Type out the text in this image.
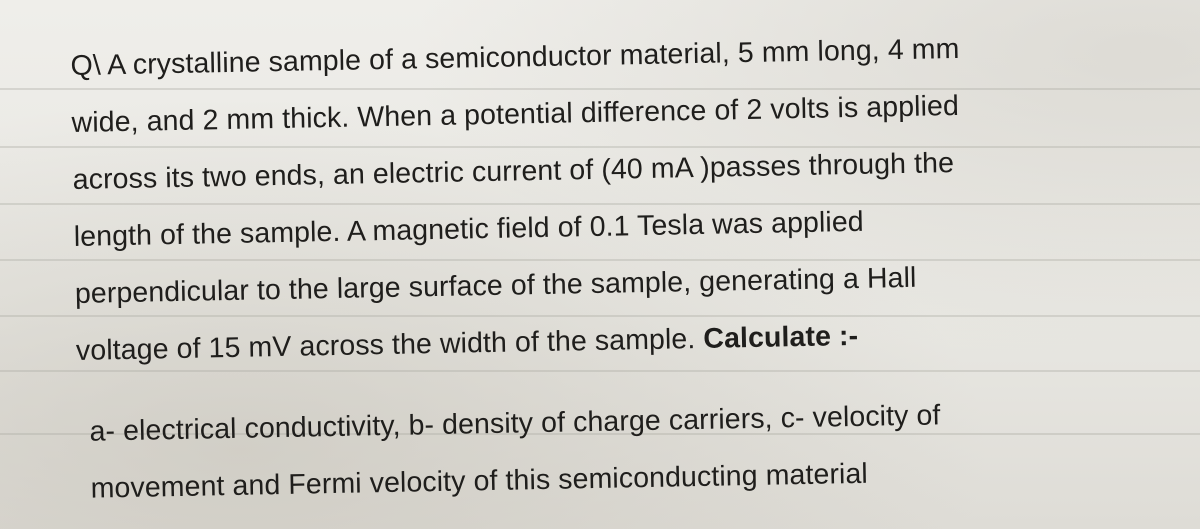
Q\ A crystalline sample of a semiconductor material, 5 mm long, 4 mm

wide, and 2 mm thick. When a potential difference of 2 volts is applied

across its two ends, an electric current of (40 mA )passes through the

length of the sample. A magnetic field of 0.1 Tesla was applied

perpendicular to the large surface of the sample, generating a Hall

voltage of 15 mV across the width of the sample. Calculate :-

a- electrical conductivity, b- density of charge carriers, c- velocity of

movement and Fermi velocity of this semiconducting material
